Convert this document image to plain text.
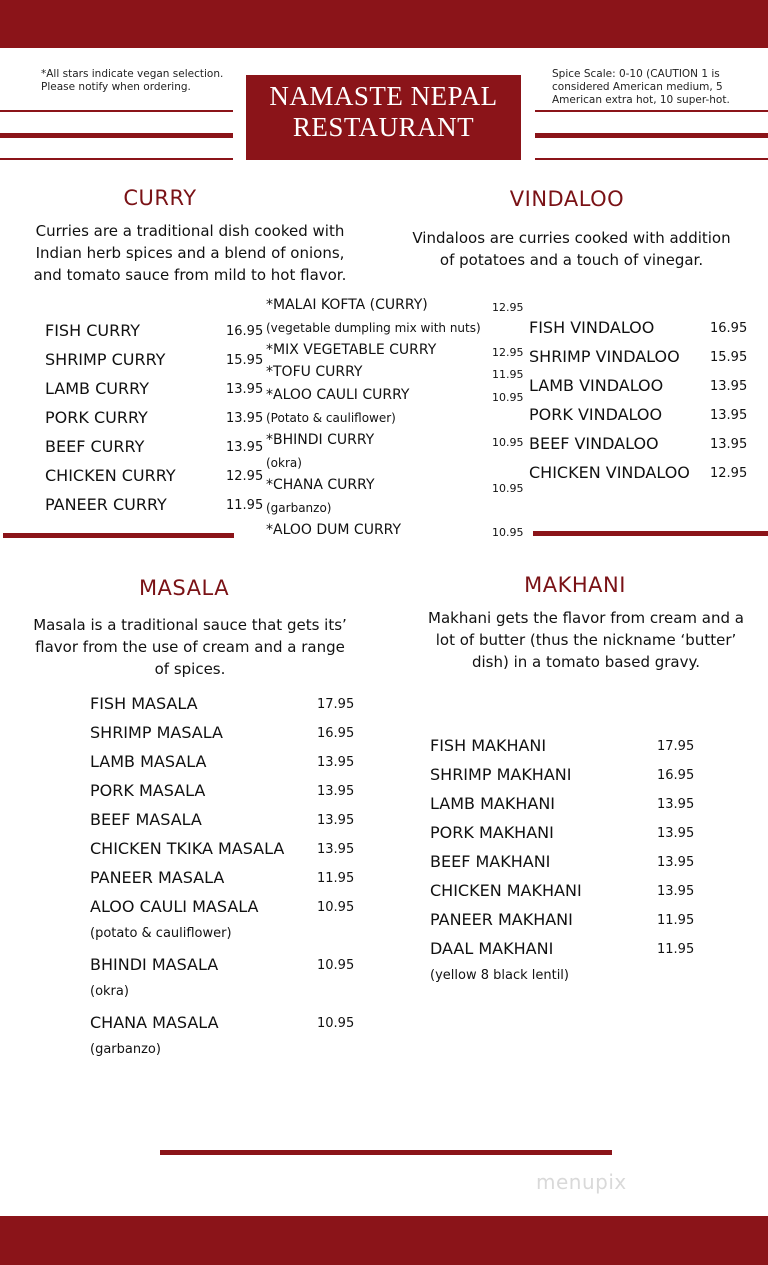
*All stars indicate vegan selection.
Please notify when ordering.
Spice Scale: 0-10 (CAUTION 1 is
considered American medium, 5
American extra hot, 10 super-hot.
NAMASTE NEPAL
RESTAURANT
CURRY
Curries are a traditional dish cooked with
Indian herb spices and a blend of onions,
and tomato sauce from mild to hot flavor.
FISH CURRY	16.95
SHRIMP CURRY	15.95
LAMB CURRY	13.95
PORK CURRY	13.95
BEEF CURRY	13.95
CHICKEN CURRY	12.95
PANEER CURRY	11.95
*MALAI KOFTA (CURRY)	12.95
(vegetable dumpling mix with nuts)
*MIX VEGETABLE CURRY	12.95
*TOFU CURRY	11.95
*ALOO CAULI CURRY	10.95
(Potato & cauliflower)
*BHINDI CURRY	10.95
(okra)
*CHANA CURRY	10.95
(garbanzo)
*ALOO DUM CURRY	10.95
VINDALOO
Vindaloos are curries cooked with addition
of potatoes and a touch of vinegar.
FISH VINDALOO	16.95
SHRIMP VINDALOO 15.95
LAMB VINDALOO	13.95
PORK VINDALOO	13.95
BEEF VINDALOO	13.95
CHICKEN VINDALOO 12.95
MASALA
Masala is a traditional sauce that gets its’
flavor from the use of cream and a range
of spices.
FISH MASALA	17.95
SHRIMP MASALA	16.95
LAMB MASALA	13.95
PORK MASALA	13.95
BEEF MASALA	13.95
CHICKEN TKIKA MASALA	13.95
PANEER MASALA	11.95
ALOO CAULI MASALA	10.95
(potato & cauliflower)
BHINDI MASALA	10.95
(okra)
CHANA MASALA	10.95
(garbanzo)
MAKHANI
Makhani gets the flavor from cream and a
lot of butter (thus the nickname ‘butter’
dish) in a tomato based gravy.
FISH MAKHANI	17.95
SHRIMP MAKHANI	16.95
LAMB MAKHANI	13.95
PORK MAKHANI	13.95
BEEF MAKHANI	13.95
CHICKEN MAKHANI	13.95
PANEER MAKHANI	11.95
DAAL MAKHANI	11.95
(yellow 8 black lentil)
menupix
